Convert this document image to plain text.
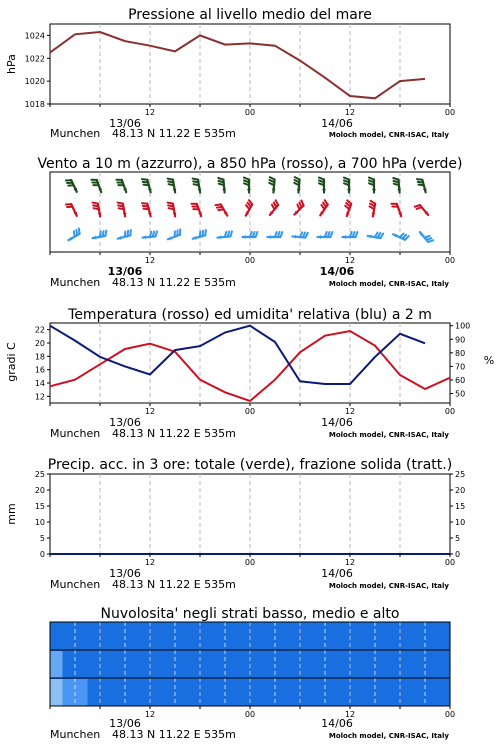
Pressione al livello medio del mare
hPa
1018
1020
1022
1024
12	00	12	00
13/06	14/06
Munchen 48.13 N 11.22 E 535m	Moloch model, CNR-ISAC, Italy
Vento a 10 m (azzurro), a 850 hPa (rosso), a 700 hPa (verde)
12	00	12	00
13/06	14/06
Munchen 48.13 N 11.22 E 535m	Moloch model, CNR-ISAC, Italy
Temperatura (rosso) ed umidita' relativa (blu) a 2 m
gradi C	%
12
14
16
18
20
22
50
60
70
80
90
100
12	00	12	00
13/06	14/06
Munchen 48.13 N 11.22 E 535m	Moloch model, CNR-ISAC, Italy
Precip. acc. in 3 ore: totale (verde), frazione solida (tratt.)
mm
0
5
10
15
20
25
0
5
10
15
20
25
12	00	12	00
13/06	14/06
Munchen 48.13 N 11.22 E 535m	Moloch model, CNR-ISAC, Italy
Nuvolosita' negli strati basso, medio e alto
12	00	12	00
13/06	14/06
Munchen 48.13 N 11.22 E 535m	Moloch model, CNR-ISAC, Italy
